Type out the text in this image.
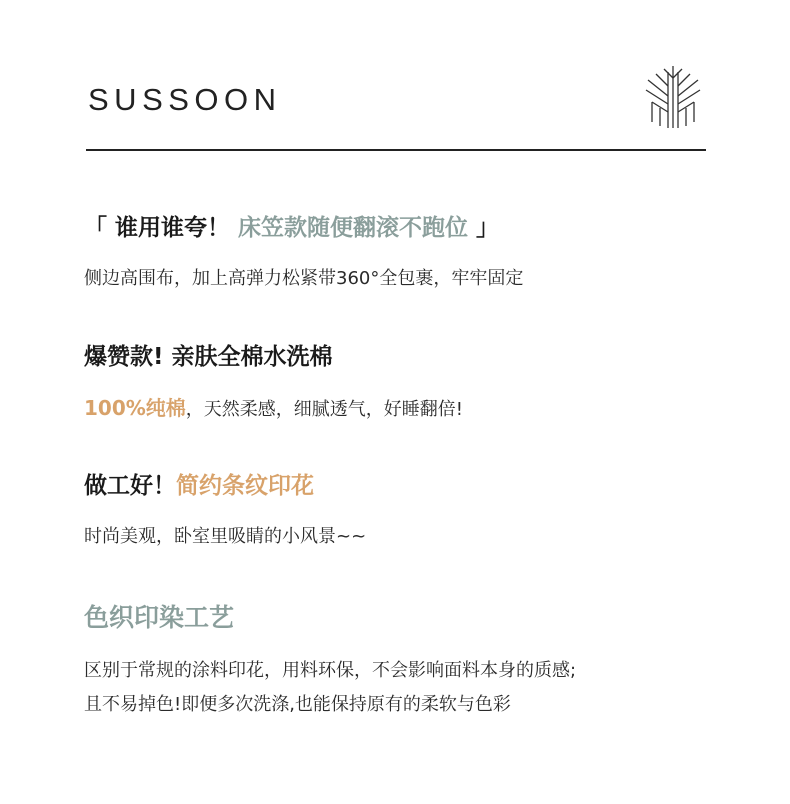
SUSSOON
「 谁用谁夸！ 床笠款随便翻滚不跑位 」
侧边高围布，加上高弹力松紧带360°全包裹，牢牢固定
爆赞款! 亲肤全棉水洗棉
100%纯棉，天然柔感，细腻透气，好睡翻倍!
做工好！简约条纹印花
时尚美观，卧室里吸睛的小风景~~
色织印染工艺
区别于常规的涂料印花，用料环保，不会影响面料本身的质感;
且不易掉色!即便多次洗涤,也能保持原有的柔软与色彩
